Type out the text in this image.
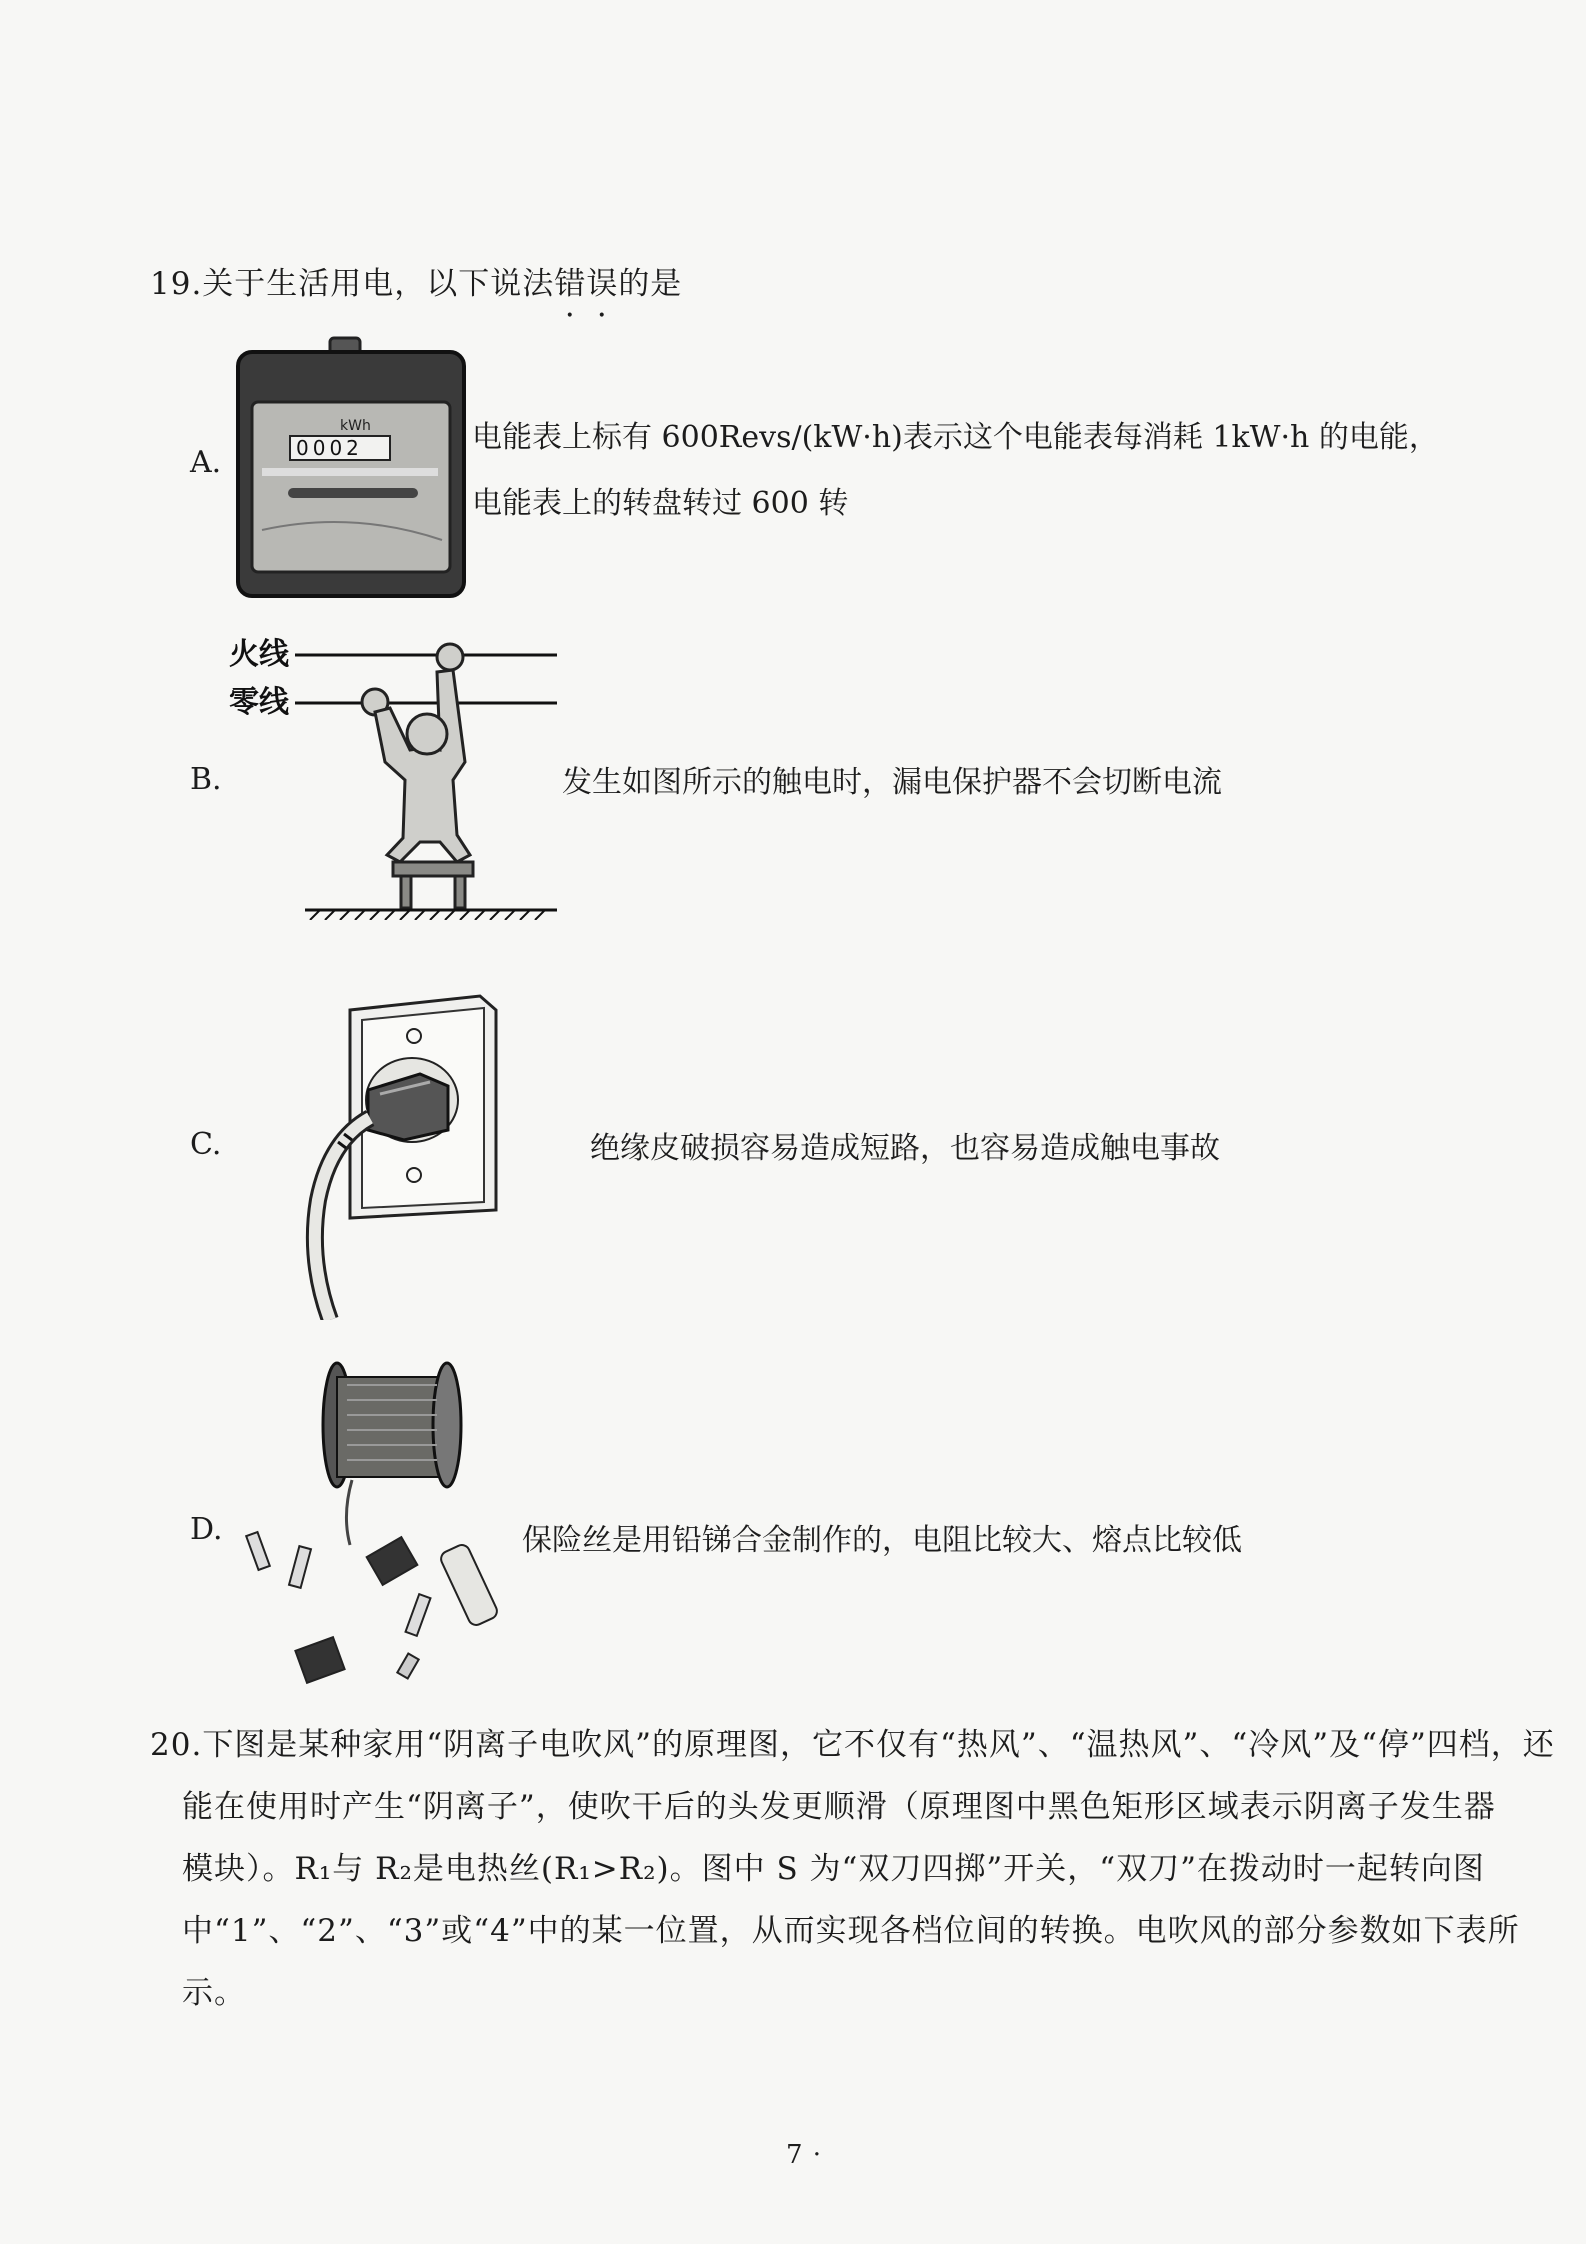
19.关于生活用电，以下说法错误的是
A.
kWh
0002	电能表上标有 600Revs/(kW·h)表示这个电能表每消耗 1kW·h 的电能，
电能表上的转盘转过 600 转
B.
火线
零线
发生如图所示的触电时，漏电保护器不会切断电流
C.	绝缘皮破损容易造成短路，也容易造成触电事故
D.	保险丝是用铅锑合金制作的，电阻比较大、熔点比较低
20.下图是某种家用“阴离子电吹风”的原理图，它不仅有“热风”、“温热风”、“冷风”及“停”四档，还
能在使用时产生“阴离子”，使吹干后的头发更顺滑（原理图中黑色矩形区域表示阴离子发生器
模块）。R₁与 R₂是电热丝(R₁>R₂)。图中 S 为“双刀四掷”开关，“双刀”在拨动时一起转向图
中“1”、“2”、“3”或“4”中的某一位置，从而实现各档位间的转换。电吹风的部分参数如下表所
示。
7 ·
